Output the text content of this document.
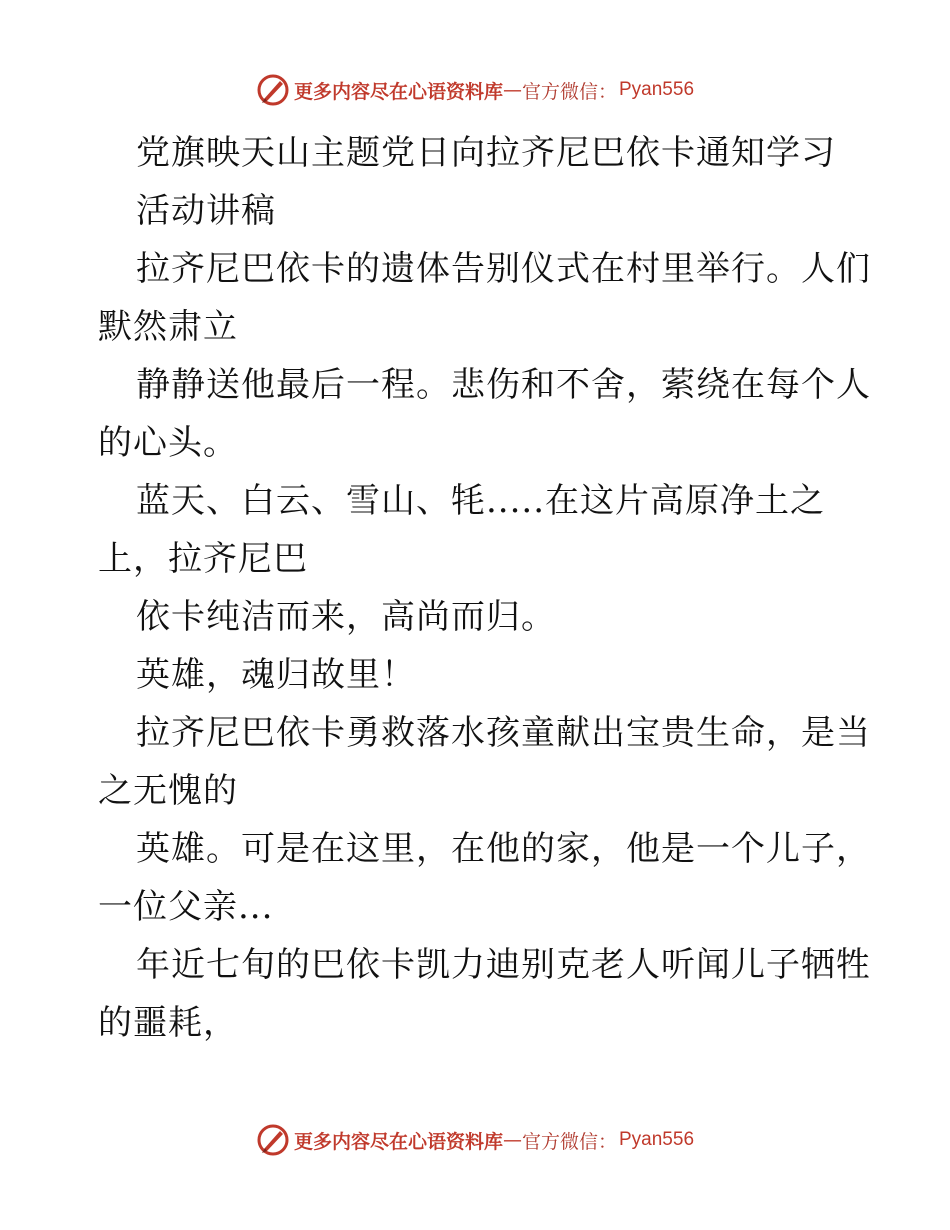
更多内容尽在心语资料库 — 官方微信： Pyan556
党旗映天山主题党日向拉齐尼巴依卡通知学习
活动讲稿
拉齐尼巴依卡的遗体告别仪式在村里举行。人们
默然肃立
静静送他最后一程。悲伤和不舍，萦绕在每个人
的心头。
蓝天、白云、雪山、牦.....在这片高原净土之
上，拉齐尼巴
依卡纯洁而来，高尚而归。
英雄，魂归故里！
拉齐尼巴依卡勇救落水孩童献出宝贵生命，是当
之无愧的
英雄。可是在这里，在他的家，他是一个儿子，
一位父亲...
年近七旬的巴依卡凯力迪别克老人听闻儿子牺牲
的噩耗，
更多内容尽在心语资料库 — 官方微信： Pyan556
